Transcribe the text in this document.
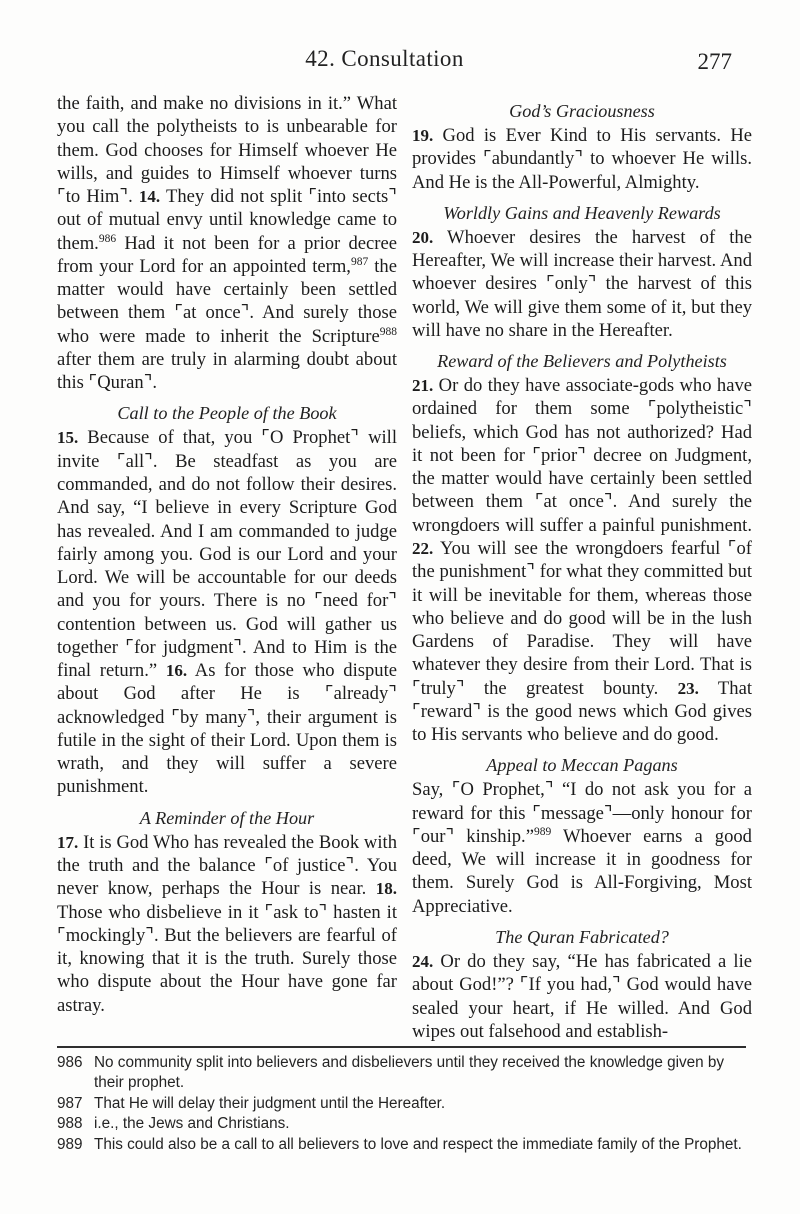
42. Consultation	277

the faith, and make no divisions in it.” What you call the polytheists to is unbearable for them. God chooses for Himself whoever He wills, and guides to Himself whoever turns ⌜to Him⌝. 14. They did not split ⌜into sects⌝ out of mutual envy until knowledge came to them.$^{986}$ Had it not been for a prior decree from your Lord for an appointed term,$^{987}$ the matter would have certainly been settled between them ⌜at once⌝. And surely those who were made to inherit the Scripture$^{988}$ after them are truly in alarming doubt about this ⌜Quran⌝.

Call to the People of the Book

15. Because of that, you ⌜O Prophet⌝ will invite ⌜all⌝. Be steadfast as you are commanded, and do not follow their desires. And say, “I believe in every Scripture God has revealed. And I am commanded to judge fairly among you. God is our Lord and your Lord. We will be accountable for our deeds and you for yours. There is no ⌜need for⌝ contention between us. God will gather us together ⌜for judgment⌝. And to Him is the final return.” 16. As for those who dispute about God after He is ⌜already⌝ acknowledged ⌜by many⌝, their argument is futile in the sight of their Lord. Upon them is wrath, and they will suffer a severe punishment.

A Reminder of the Hour

17. It is God Who has revealed the Book with the truth and the balance ⌜of justice⌝. You never know, perhaps the Hour is near. 18. Those who disbelieve in it ⌜ask to⌝ hasten it ⌜mockingly⌝. But the believers are fearful of it, knowing that it is the truth. Surely those who dispute about the Hour have gone far astray.

God’s Graciousness

19. God is Ever Kind to His servants. He provides ⌜abundantly⌝ to whoever He wills. And He is the All-Powerful, Almighty.

Worldly Gains and Heavenly Rewards

20. Whoever desires the harvest of the Hereafter, We will increase their harvest. And whoever desires ⌜only⌝ the harvest of this world, We will give them some of it, but they will have no share in the Hereafter.

Reward of the Believers and Polytheists

21. Or do they have associate-gods who have ordained for them some ⌜polytheistic⌝ beliefs, which God has not authorized? Had it not been for ⌜prior⌝ decree on Judgment, the matter would have certainly been settled between them ⌜at once⌝. And surely the wrongdoers will suffer a painful punishment. 22. You will see the wrongdoers fearful ⌜of the punishment⌝ for what they committed but it will be inevitable for them, whereas those who believe and do good will be in the lush Gardens of Paradise. They will have whatever they desire from their Lord. That is ⌜truly⌝ the greatest bounty. 23. That ⌜reward⌝ is the good news which God gives to His servants who believe and do good.

Appeal to Meccan Pagans

Say, ⌜O Prophet,⌝ “I do not ask you for a reward for this ⌜message⌝—only honour for ⌜our⌝ kinship.”$^{989}$ Whoever earns a good deed, We will increase it in goodness for them. Surely God is All-Forgiving, Most Appreciative.

The Quran Fabricated?

24. Or do they say, “He has fabricated a lie about God!”? ⌜If you had,⌝ God would have sealed your heart, if He willed. And God wipes out falsehood and establish-

986 No community split into believers and disbelievers until they received the knowledge given by their prophet.
987 That He will delay their judgment until the Hereafter.
988 i.e., the Jews and Christians.
989 This could also be a call to all believers to love and respect the immediate family of the Prophet.
